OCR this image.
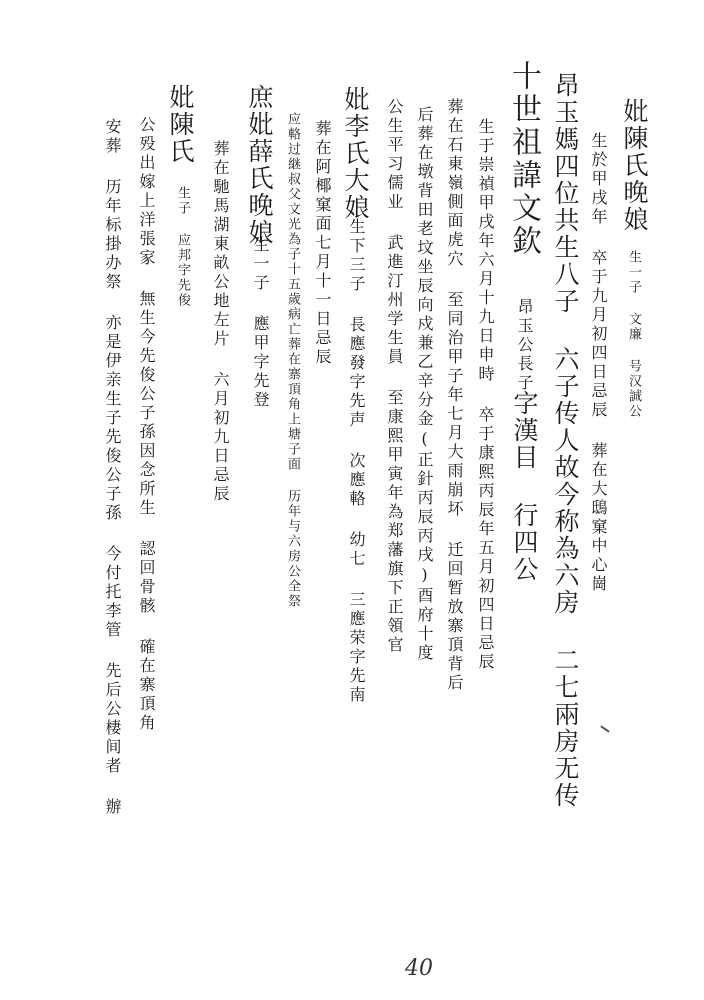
妣陳氏晚娘
生一子 文廉 号汉誠公
生於甲戌年 卒于九月初四日忌辰 葬在大鴟窠中心崗
昂玉媽四位共生八子 六子传人故今称為六房 二七兩房无传
十世祖諱文欽
昂玉公長子
字漢目 行四公
生于崇禎甲戌年六月十九日申時 卒于康熙丙辰年五月初四日忌辰
葬在石東嶺側面虎穴 至同治甲子年七月大雨崩坏 迁回暂放寨頂背后
后葬在墩背田老坟坐辰向戍兼乙辛分金(正針丙辰丙戌)酉府十度
公生平习儒业 武進汀州学生員 至康熙甲寅年為郑藩旗下正領官
妣李氏大娘
生下三子 長應發字先声 次應輅 幼七 三應荣字先南
葬在阿椰窠面七月十一日忌辰
应輅过継叔父文光為子十五歲病亡葬在寨頂角上塘子面 历年与六房公全祭
庶妣薛氏晚娘
生一子 應甲字先登
葬在馳馬湖東畝公地左片 六月初九日忌辰
妣陳氏
生子 应邦字先俊
公殁出嫁上洋張家 無生今先俊公子孫因念所生 認回骨骸 確在寨頂角
安葬 历年标掛办祭 亦是伊亲生子先俊公子孫 今付托李管 先后公棲间者 辦
40
